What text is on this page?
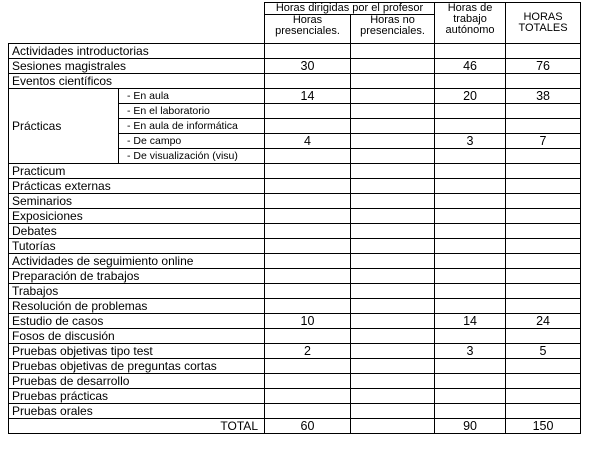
		Horas dirigidas por el profesor		Horas de trabajo autónomo	HORAS TOTALES
		Horas presenciales.	Horas no presenciales.		
Actividades introductorias					
Sesiones magistrales		30		46	76
Eventos científicos					
Prácticas	- En aula	14		20	38
	- En el laboratorio				
	- En aula de informática				
	- De campo	4		3	7
	- De visualización (visu)				
Practicum					
Prácticas externas					
Seminarios					
Exposiciones					
Debates					
Tutorías					
Actividades de seguimiento online					
Preparación de trabajos					
Trabajos					
Resolución de problemas					
Estudio de casos		10		14	24
Fosos de discusión					
Pruebas objetivas tipo test		2		3	5
Pruebas objetivas de preguntas cortas					
Pruebas de desarrollo					
Pruebas prácticas					
Pruebas orales					
TOTAL		60		90	150
